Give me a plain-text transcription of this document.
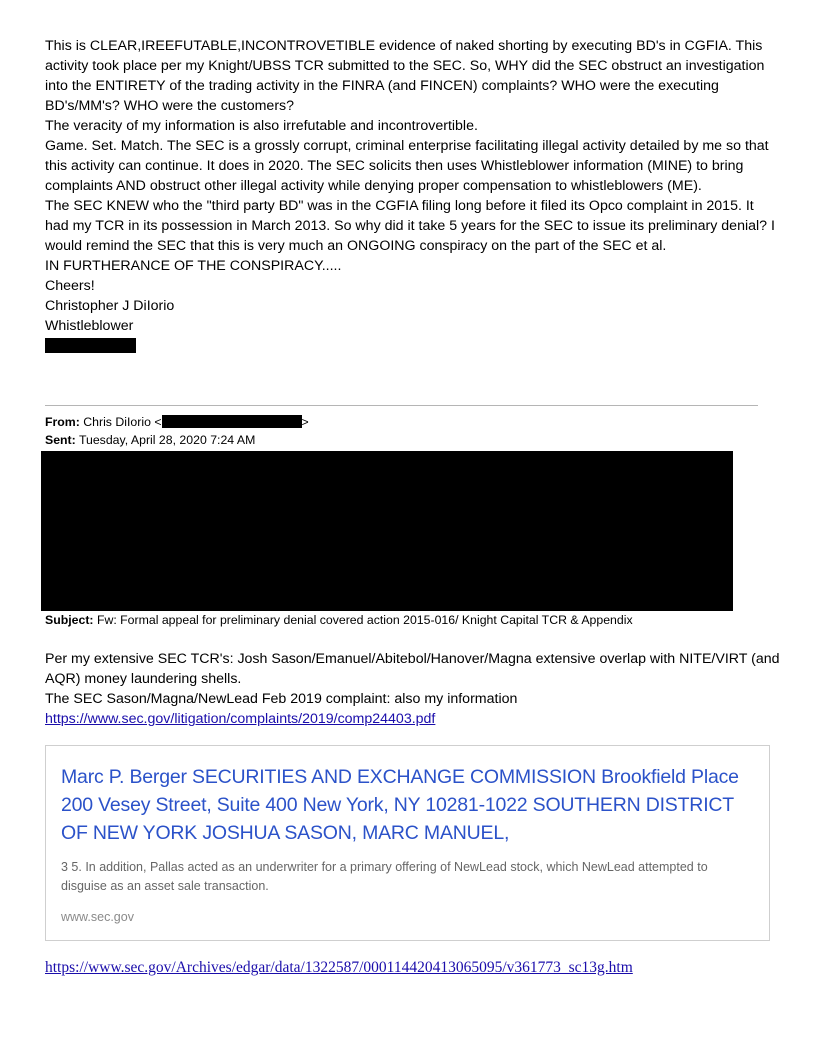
This is CLEAR,IREEFUTABLE,INCONTROVETIBLE evidence of naked shorting by executing BD's in CGFIA. This activity took place per my Knight/UBSS TCR submitted to the SEC. So, WHY did the SEC obstruct an investigation into the ENTIRETY of the trading activity in the FINRA (and FINCEN) complaints? WHO were the executing BD's/MM's? WHO were the customers?

The veracity of my information is also irrefutable and incontrovertible.

Game. Set. Match. The SEC is a grossly corrupt, criminal enterprise facilitating illegal activity detailed by me so that this activity can continue. It does in 2020. The SEC solicits then uses Whistleblower information (MINE) to bring complaints AND obstruct other illegal activity while denying proper compensation to whistleblowers (ME).

The SEC KNEW who the "third party BD" was in the CGFIA filing long before it filed its Opco complaint in 2015. It had my TCR in its possession in March 2013. So why did it take 5 years for the SEC to issue its preliminary denial? I would remind the SEC that this is very much an ONGOING conspiracy on the part of the SEC et al.

IN FURTHERANCE OF THE CONSPIRACY.....

Cheers!

Christopher J DiIorio

Whistleblower

From: Chris DiIorio <	>
Sent: Tuesday, April 28, 2020 7:24 AM
Subject: Fw: Formal appeal for preliminary denial covered action 2015-016/ Knight Capital TCR & Appendix

Per my extensive SEC TCR's: Josh Sason/Emanuel/Abitebol/Hanover/Magna extensive overlap with NITE/VIRT (and AQR) money laundering shells.

The SEC Sason/Magna/NewLead Feb 2019 complaint: also my information

https://www.sec.gov/litigation/complaints/2019/comp24403.pdf

Marc P. Berger SECURITIES AND EXCHANGE COMMISSION Brookfield Place 200 Vesey Street, Suite 400 New York, NY 10281-1022 SOUTHERN DISTRICT OF NEW YORK JOSHUA SASON, MARC MANUEL,
3 5. In addition, Pallas acted as an underwriter for a primary offering of NewLead stock, which NewLead attempted to disguise as an asset sale transaction.
www.sec.gov
https://www.sec.gov/Archives/edgar/data/1322587/000114420413065095/v361773_sc13g.htm
